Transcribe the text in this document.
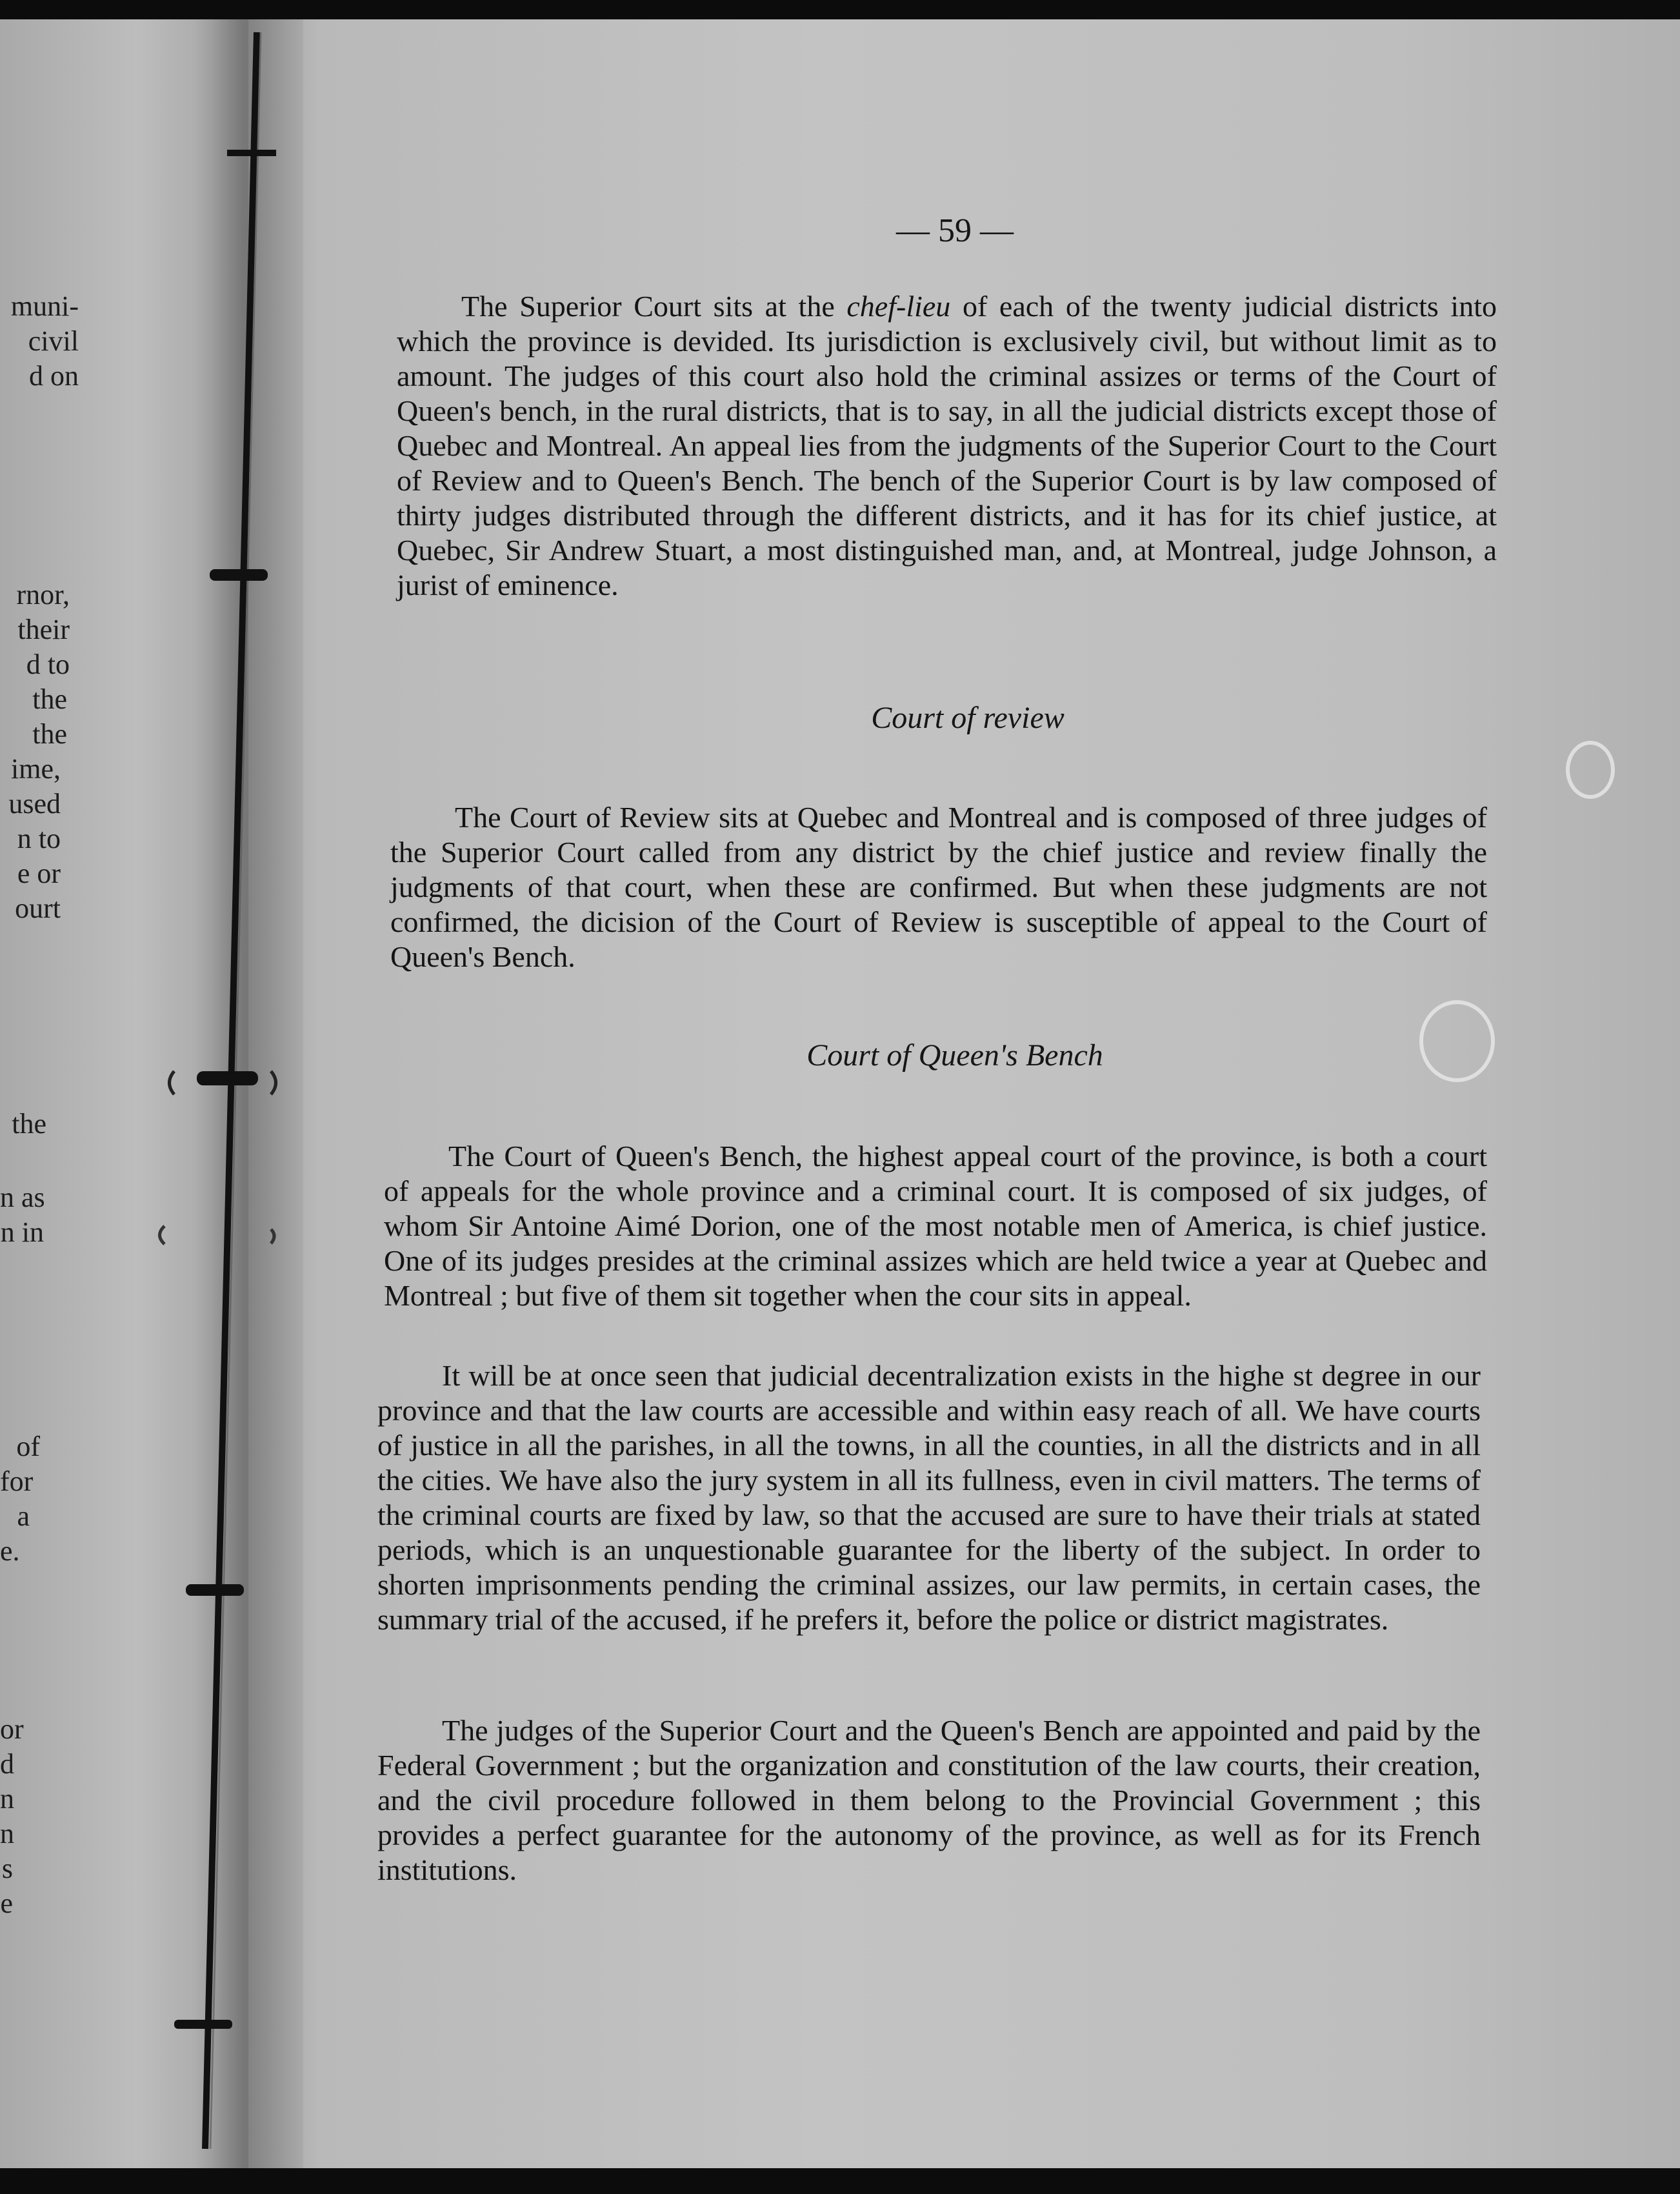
muni-
civil
d on
rnor,
their
d to
the
the
ime,
used
n to
e or
ourt
the
n as
n in
of
for
a
e.
or
d
n
n
s
e
— 59 —

The Superior Court sits at the chef-lieu of each of the twenty judicial districts into which the province is devided. Its jurisdiction is exclusively civil, but without limit as to amount. The judges of this court also hold the criminal assizes or terms of the Court of Queen's bench, in the rural districts, that is to say, in all the judicial districts except those of Quebec and Montreal. An appeal lies from the judgments of the Superior Court to the Court of Review and to Queen's Bench. The bench of the Superior Court is by law composed of thirty judges distributed through the different districts, and it has for its chief justice, at Quebec, Sir Andrew Stuart, a most distinguished man, and, at Montreal, judge Johnson, a jurist of eminence.

Court of review

The Court of Review sits at Quebec and Montreal and is composed of three judges of the Superior Court called from any district by the chief justice and review finally the judgments of that court, when these are confirmed. But when these judgments are not confirmed, the dicision of the Court of Review is susceptible of appeal to the Court of Queen's Bench.

Court of Queen's Bench

The Court of Queen's Bench, the highest appeal court of the province, is both a court of appeals for the whole province and a criminal court. It is composed of six judges, of whom Sir Antoine Aimé Dorion, one of the most notable men of America, is chief justice. One of its judges presides at the criminal assizes which are held twice a year at Quebec and Montreal ; but five of them sit together when the cour sits in appeal.

It will be at once seen that judicial decentralization exists in the highe st degree in our province and that the law courts are accessible and within easy reach of all. We have courts of justice in all the parishes, in all the towns, in all the counties, in all the districts and in all the cities. We have also the jury system in all its fullness, even in civil matters. The terms of the criminal courts are fixed by law, so that the accused are sure to have their trials at stated periods, which is an unquestionable guarantee for the liberty of the subject. In order to shorten imprisonments pending the criminal assizes, our law permits, in certain cases, the summary trial of the accused, if he prefers it, before the police or district magistrates.

The judges of the Superior Court and the Queen's Bench are appointed and paid by the Federal Government ; but the organization and constitution of the law courts, their creation, and the civil procedure followed in them belong to the Provincial Government ; this provides a perfect guarantee for the autonomy of the province, as well as for its French institutions.
